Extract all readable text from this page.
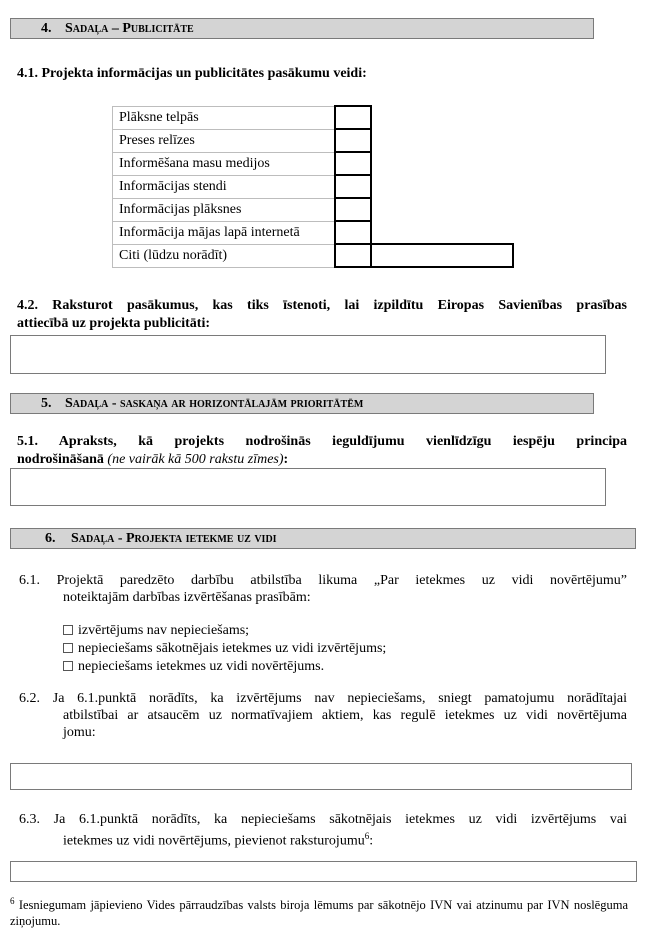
4. Sadaļa – Publicitāte
4.1. Projekta informācijas un publicitātes pasākumu veidi:
Plāksne telpās		
Preses relīzes		
Informēšana masu medijos		
Informācijas stendi		
Informācijas plāksnes		
Informācija mājas lapā internetā		
Citi (lūdzu norādīt)		
4.2. Raksturot pasākumus, kas tiks īstenoti, lai izpildītu Eiropas Savienības prasības
attiecībā uz projekta publicitāti:
5. Sadaļa - saskaņa ar horizontālajām prioritātēm
5.1. Apraksts, kā projekts nodrošinās ieguldījumu vienlīdzīgu iespēju principa
nodrošināšanā (ne vairāk kā 500 rakstu zīmes):
6. Sadaļa - Projekta ietekme uz vidi
6.1. Projektā paredzēto darbību atbilstība likuma „Par ietekmes uz vidi novērtējumu”
noteiktajām darbības izvērtēšanas prasībām:
izvērtējums nav nepieciešams;
nepieciešams sākotnējais ietekmes uz vidi izvērtējums;
nepieciešams ietekmes uz vidi novērtējums.
6.2. Ja 6.1.punktā norādīts, ka izvērtējums nav nepieciešams, sniegt pamatojumu norādītajai
atbilstībai ar atsaucēm uz normatīvajiem aktiem, kas regulē ietekmes uz vidi novērtējuma
jomu:
6.3. Ja 6.1.punktā norādīts, ka nepieciešams sākotnējais ietekmes uz vidi izvērtējums vai
ietekmes uz vidi novērtējums, pievienot raksturojumu$^6$:
$^6$ Iesniegumam jāpievieno Vides pārraudzības valsts biroja lēmums par sākotnējo IVN vai atzinumu par IVN noslēguma ziņojumu.
